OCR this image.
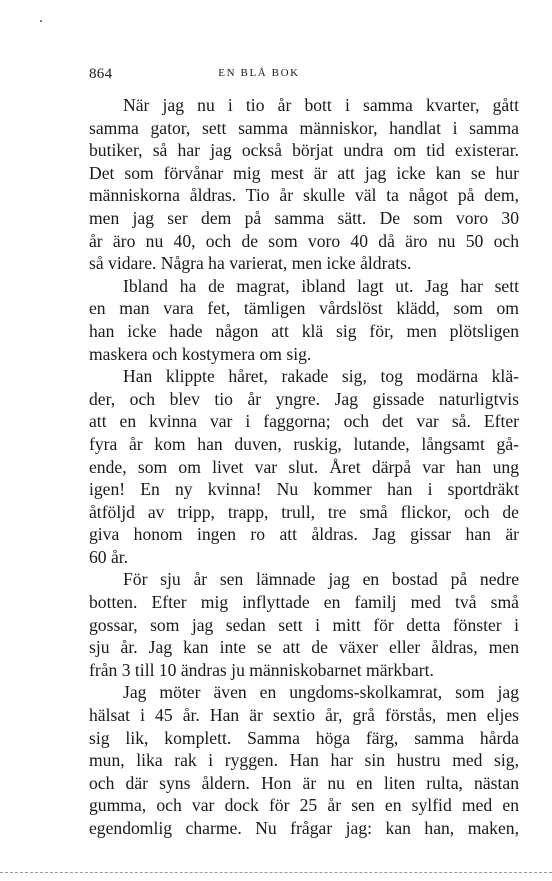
864	EN BLÅ BOK
När jag nu i tio år bott i samma kvarter, gått
samma gator, sett samma människor, handlat i samma
butiker, så har jag också börjat undra om tid existerar.
Det som förvånar mig mest är att jag icke kan se hur
människorna åldras. Tio år skulle väl ta något på dem,
men jag ser dem på samma sätt. De som voro 30
år äro nu 40, och de som voro 40 då äro nu 50 och
så vidare. Några ha varierat, men icke åldrats.
Ibland ha de magrat, ibland lagt ut. Jag har sett
en man vara fet, tämligen vårdslöst klädd, som om
han icke hade någon att klä sig för, men plötsligen
maskera och kostymera om sig.
Han klippte håret, rakade sig, tog modärna klä-
der, och blev tio år yngre. Jag gissade naturligtvis
att en kvinna var i faggorna; och det var så. Efter
fyra år kom han duven, ruskig, lutande, långsamt gå-
ende, som om livet var slut. Året därpå var han ung
igen! En ny kvinna! Nu kommer han i sportdräkt
åtföljd av tripp, trapp, trull, tre små flickor, och de
giva honom ingen ro att åldras. Jag gissar han är
60 år.
För sju år sen lämnade jag en bostad på nedre
botten. Efter mig inflyttade en familj med två små
gossar, som jag sedan sett i mitt för detta fönster i
sju år. Jag kan inte se att de växer eller åldras, men
från 3 till 10 ändras ju människobarnet märkbart.
Jag möter även en ungdoms-skolkamrat, som jag
hälsat i 45 år. Han är sextio år, grå förstås, men eljes
sig lik, komplett. Samma höga färg, samma hårda
mun, lika rak i ryggen. Han har sin hustru med sig,
och där syns åldern. Hon är nu en liten rulta, nästan
gumma, och var dock för 25 år sen en sylfid med en
egendomlig charme. Nu frågar jag: kan han, maken,
